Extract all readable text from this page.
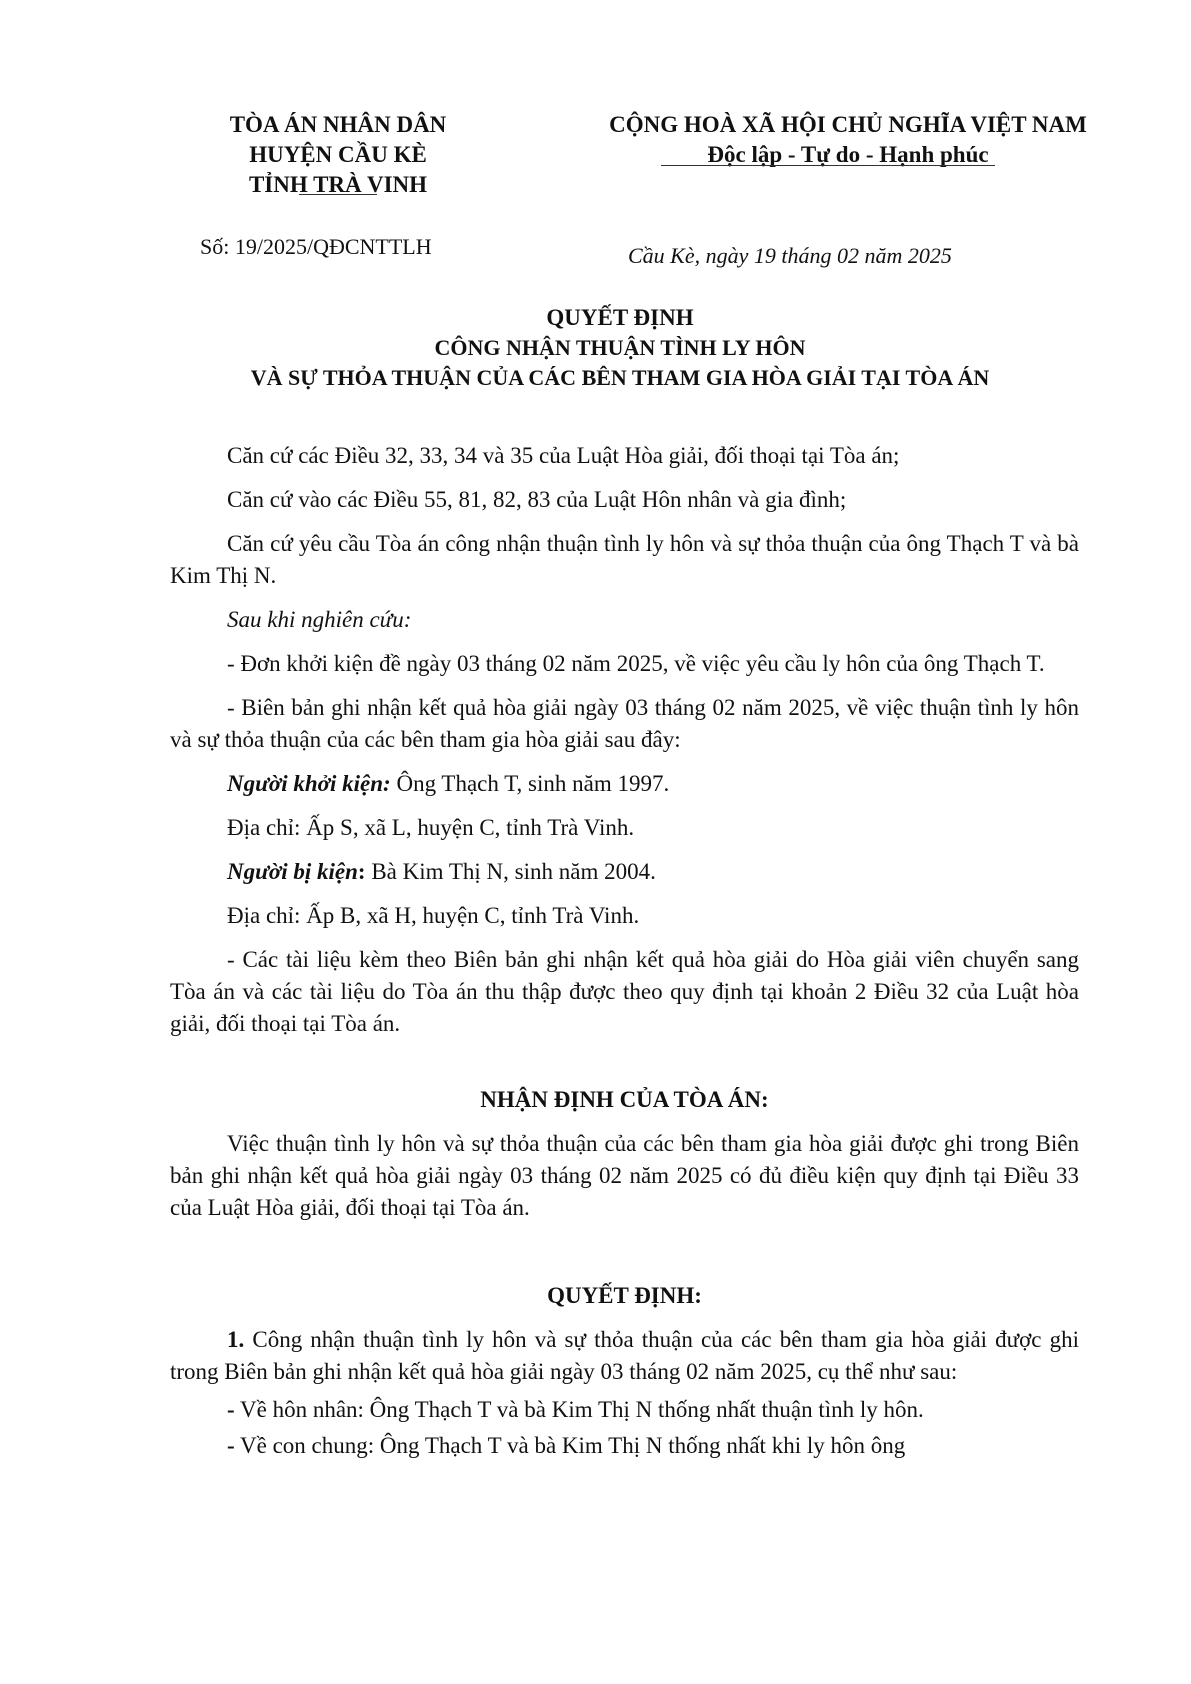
TÒA ÁN NHÂN DÂN
HUYỆN CẦU KÈ
TỈNH TRÀ VINH
CỘNG HOÀ XÃ HỘI CHỦ NGHĨA VIỆT NAM
Độc lập - Tự do - Hạnh phúc
Số: 19/2025/QĐCNTTLH	Cầu Kè, ngày 19 tháng 02 năm 2025
QUYẾT ĐỊNH
CÔNG NHẬN THUẬN TÌNH LY HÔN
VÀ SỰ THỎA THUẬN CỦA CÁC BÊN THAM GIA HÒA GIẢI TẠI TÒA ÁN

Căn cứ các Điều 32, 33, 34 và 35 của Luật Hòa giải, đối thoại tại Tòa án;

Căn cứ vào các Điều 55, 81, 82, 83 của Luật Hôn nhân và gia đình;

Căn cứ yêu cầu Tòa án công nhận thuận tình ly hôn và sự thỏa thuận của ông Thạch T và bà Kim Thị N.

Sau khi nghiên cứu:

- Đơn khởi kiện đề ngày 03 tháng 02 năm 2025, về việc yêu cầu ly hôn của ông Thạch T.

- Biên bản ghi nhận kết quả hòa giải ngày 03 tháng 02 năm 2025, về việc thuận tình ly hôn và sự thỏa thuận của các bên tham gia hòa giải sau đây:

Người khởi kiện: Ông Thạch T, sinh năm 1997.

Địa chỉ: Ấp S, xã L, huyện C, tỉnh Trà Vinh.

Người bị kiện: Bà Kim Thị N, sinh năm 2004.

Địa chỉ: Ấp B, xã H, huyện C, tỉnh Trà Vinh.

- Các tài liệu kèm theo Biên bản ghi nhận kết quả hòa giải do Hòa giải viên chuyển sang Tòa án và các tài liệu do Tòa án thu thập được theo quy định tại khoản 2 Điều 32 của Luật hòa giải, đối thoại tại Tòa án.

NHẬN ĐỊNH CỦA TÒA ÁN:

Việc thuận tình ly hôn và sự thỏa thuận của các bên tham gia hòa giải được ghi trong Biên bản ghi nhận kết quả hòa giải ngày 03 tháng 02 năm 2025 có đủ điều kiện quy định tại Điều 33 của Luật Hòa giải, đối thoại tại Tòa án.

QUYẾT ĐỊNH:

1. Công nhận thuận tình ly hôn và sự thỏa thuận của các bên tham gia hòa giải được ghi trong Biên bản ghi nhận kết quả hòa giải ngày 03 tháng 02 năm 2025, cụ thể như sau:

- Về hôn nhân: Ông Thạch T và bà Kim Thị N thống nhất thuận tình ly hôn.

- Về con chung: Ông Thạch T và bà Kim Thị N thống nhất khi ly hôn ông
